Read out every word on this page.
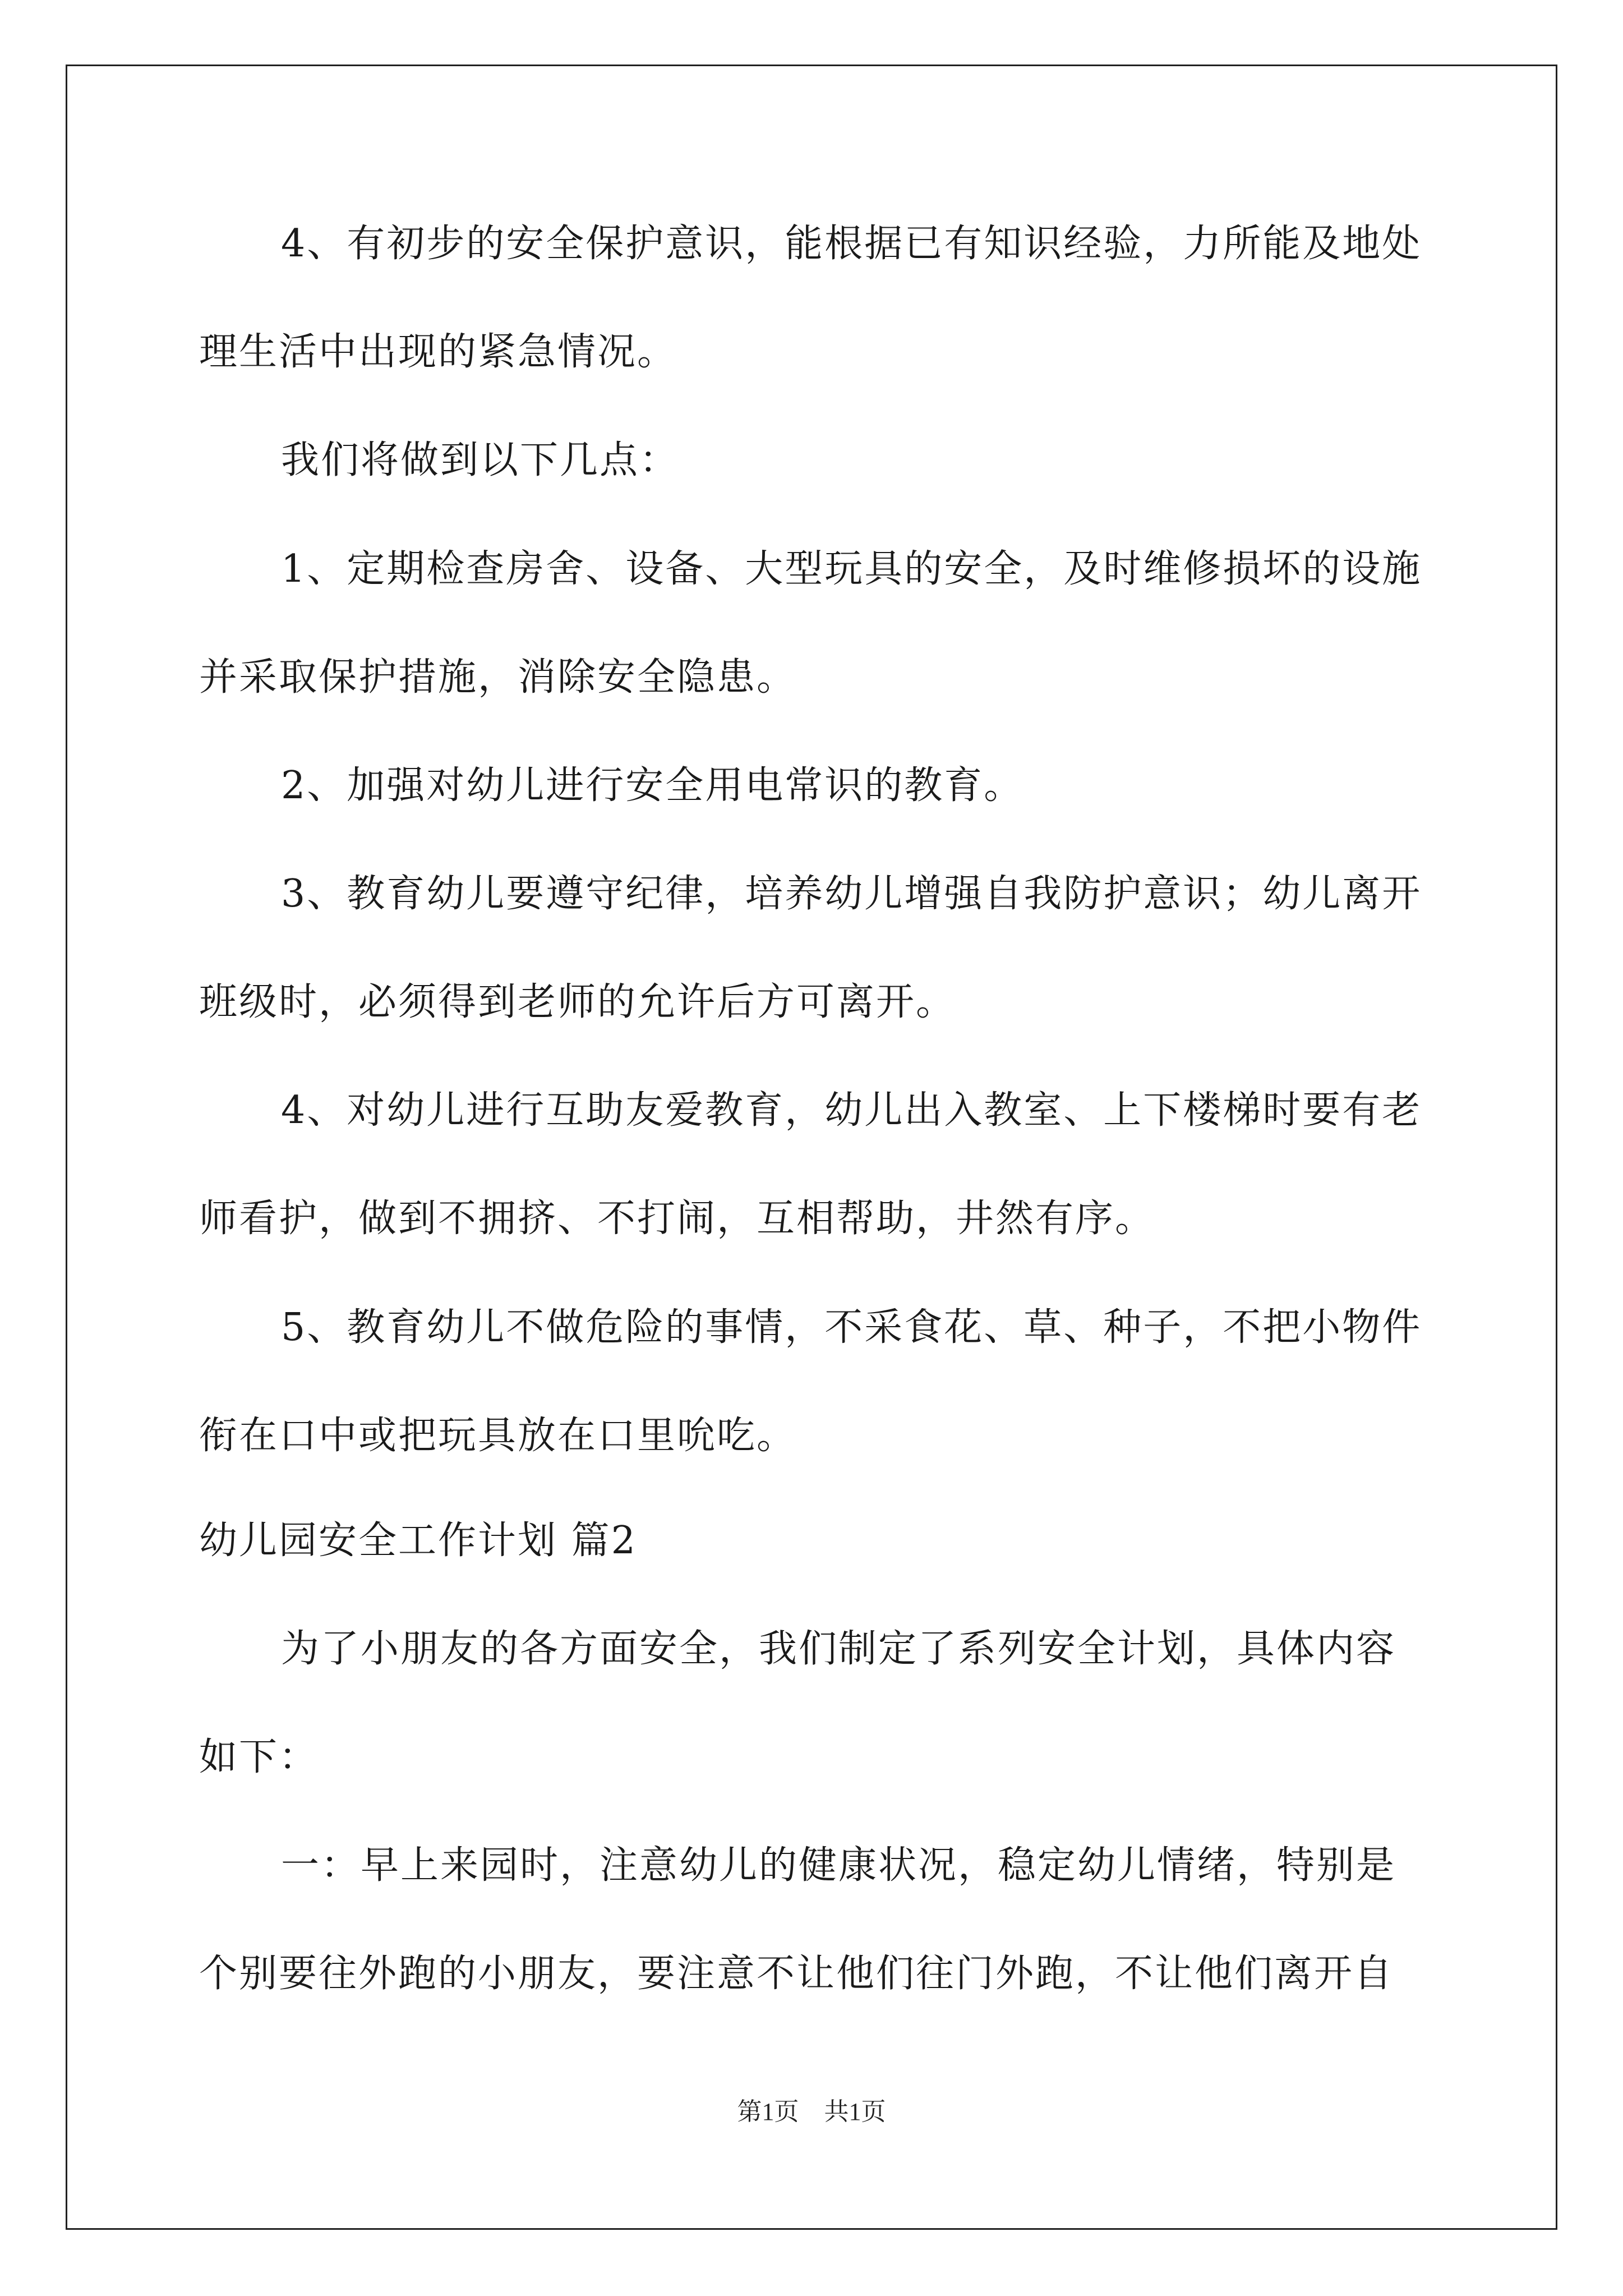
4、有初步的安全保护意识，能根据已有知识经验，力所能及地处
理生活中出现的紧急情况。
我们将做到以下几点：
1、定期检查房舍、设备、大型玩具的安全，及时维修损坏的设施
并采取保护措施，消除安全隐患。
2、加强对幼儿进行安全用电常识的教育。
3、教育幼儿要遵守纪律，培养幼儿增强自我防护意识；幼儿离开
班级时，必须得到老师的允许后方可离开。
4、对幼儿进行互助友爱教育，幼儿出入教室、上下楼梯时要有老
师看护，做到不拥挤、不打闹，互相帮助，井然有序。
5、教育幼儿不做危险的事情，不采食花、草、种子，不把小物件
衔在口中或把玩具放在口里吮吃。
幼儿园安全工作计划 篇2
为了小朋友的各方面安全，我们制定了系列安全计划，具体内容
如下：
一：早上来园时，注意幼儿的健康状况，稳定幼儿情绪，特别是
个别要往外跑的小朋友，要注意不让他们往门外跑，不让他们离开自
第1页 共1页
